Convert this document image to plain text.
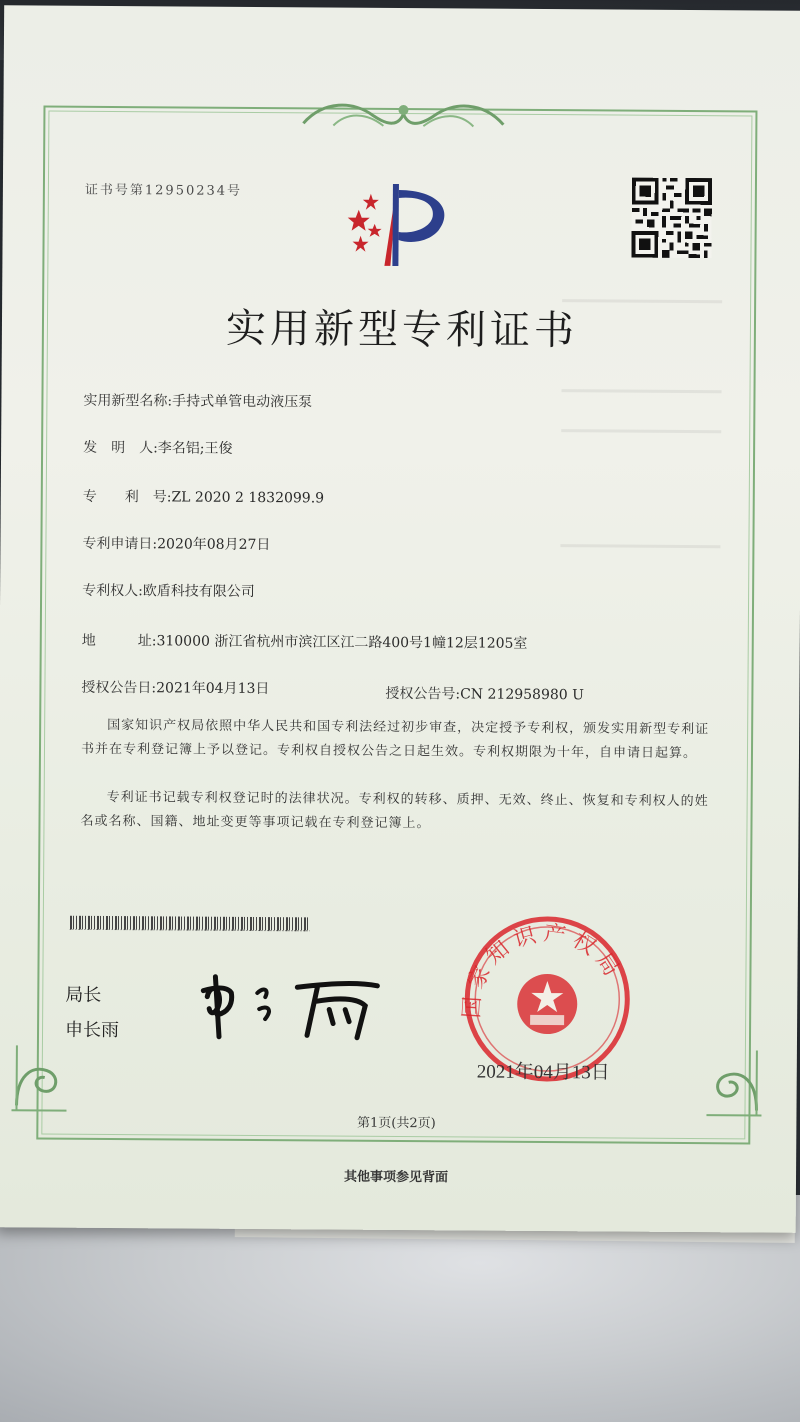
证书号第12950234号
实用新型专利证书
实用新型名称:手持式单管电动液压泵
发　明　人:李名铝;王俊
专　　利　号:ZL 2020 2 1832099.9
专利申请日:2020年08月27日
专利权人:欧盾科技有限公司
地　　　址:310000 浙江省杭州市滨江区江二路400号1幢12层1205室
授权公告日:2021年04月13日	授权公告号:CN 212958980 U
国家知识产权局依照中华人民共和国专利法经过初步审查，决定授予专利权，颁发实用新型专利证书并在专利登记簿上予以登记。专利权自授权公告之日起生效。专利权期限为十年，自申请日起算。
专利证书记载专利权登记时的法律状况。专利权的转移、质押、无效、终止、恢复和专利权人的姓名或名称、国籍、地址变更等事项记载在专利登记簿上。
局长
申长雨
国家知识产权局
2021年04月13日
第1页(共2页)
其他事项参见背面
